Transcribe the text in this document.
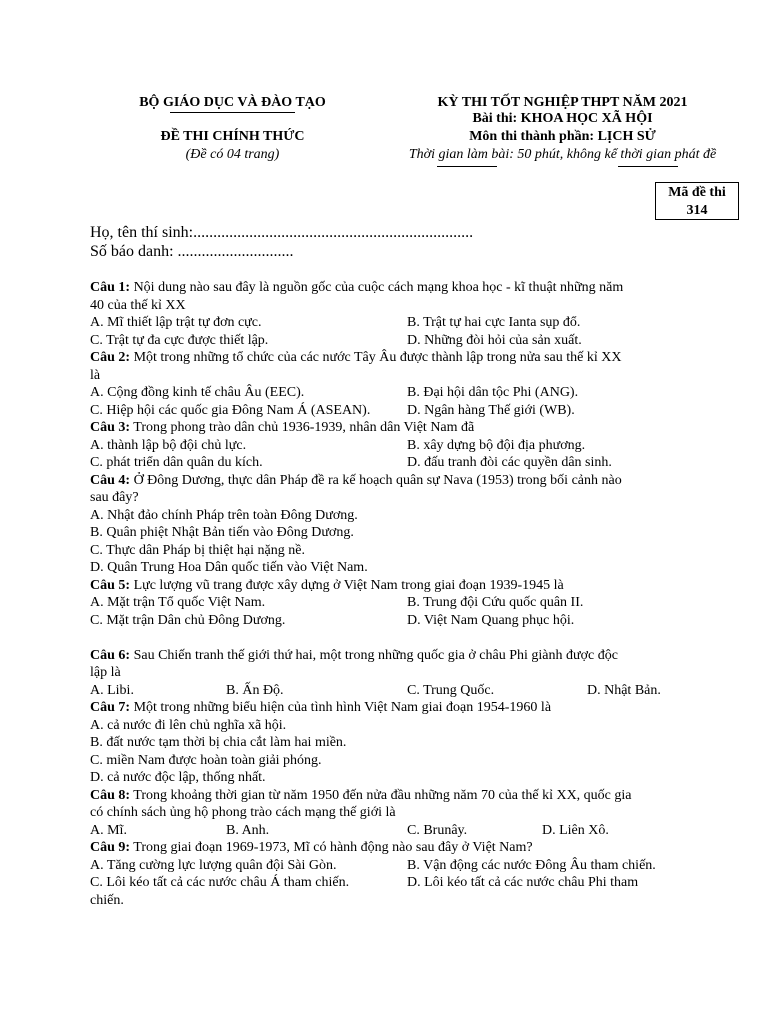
BỘ GIÁO DỤC VÀ ĐÀO TẠO
ĐỀ THI CHÍNH THỨC
(Đề có 04 trang)
KỲ THI TỐT NGHIỆP THPT NĂM 2021
Bài thi: KHOA HỌC XÃ HỘI
Môn thi thành phần: LỊCH SỬ
Thời gian làm bài: 50 phút, không kể thời gian phát đề
Mã đề thi
314
Họ, tên thí sinh:......................................................................
Số báo danh: .............................
Câu 1: Nội dung nào sau đây là nguồn gốc của cuộc cách mạng khoa học - kĩ thuật những năm
40 của thế kỉ XX
A. Mĩ thiết lập trật tự đơn cực.	B. Trật tự hai cực Ianta sụp đổ.
C. Trật tự đa cực được thiết lập.	D. Những đòi hỏi của sản xuất.
Câu 2: Một trong những tổ chức của các nước Tây Âu được thành lập trong nửa sau thế kỉ XX
là
A. Cộng đồng kinh tế châu Âu (EEC).	B. Đại hội dân tộc Phi (ANG).
C. Hiệp hội các quốc gia Đông Nam Á (ASEAN).	D. Ngân hàng Thế giới (WB).
Câu 3: Trong phong trào dân chủ 1936-1939, nhân dân Việt Nam đã
A. thành lập bộ đội chủ lực.	B. xây dựng bộ đội địa phương.
C. phát triển dân quân du kích.	D. đấu tranh đòi các quyền dân sinh.
Câu 4: Ở Đông Dương, thực dân Pháp đề ra kế hoạch quân sự Nava (1953) trong bối cảnh nào
sau đây?
A. Nhật đảo chính Pháp trên toàn Đông Dương.
B. Quân phiệt Nhật Bản tiến vào Đông Dương.
C. Thực dân Pháp bị thiệt hại nặng nề.
D. Quân Trung Hoa Dân quốc tiến vào Việt Nam.
Câu 5: Lực lượng vũ trang được xây dựng ở Việt Nam trong giai đoạn 1939-1945 là
A. Mặt trận Tổ quốc Việt Nam.	B. Trung đội Cứu quốc quân II.
C. Mặt trận Dân chủ Đông Dương.	D. Việt Nam Quang phục hội.
Câu 6: Sau Chiến tranh thế giới thứ hai, một trong những quốc gia ở châu Phi giành được độc
lập là
A. Libi.	B. Ấn Độ.	C. Trung Quốc.	D. Nhật Bản.
Câu 7: Một trong những biểu hiện của tình hình Việt Nam giai đoạn 1954-1960 là
A. cả nước đi lên chủ nghĩa xã hội.
B. đất nước tạm thời bị chia cắt làm hai miền.
C. miền Nam được hoàn toàn giải phóng.
D. cả nước độc lập, thống nhất.
Câu 8: Trong khoảng thời gian từ năm 1950 đến nửa đầu những năm 70 của thế kỉ XX, quốc gia
có chính sách ủng hộ phong trào cách mạng thế giới là
A. Mĩ.	B. Anh.	C. Brunây.	D. Liên Xô.
Câu 9: Trong giai đoạn 1969-1973, Mĩ có hành động nào sau đây ở Việt Nam?
A. Tăng cường lực lượng quân đội Sài Gòn.	B. Vận động các nước Đông Âu tham chiến.
C. Lôi kéo tất cả các nước châu Á tham chiến.	D. Lôi kéo tất cả các nước châu Phi tham
chiến.
